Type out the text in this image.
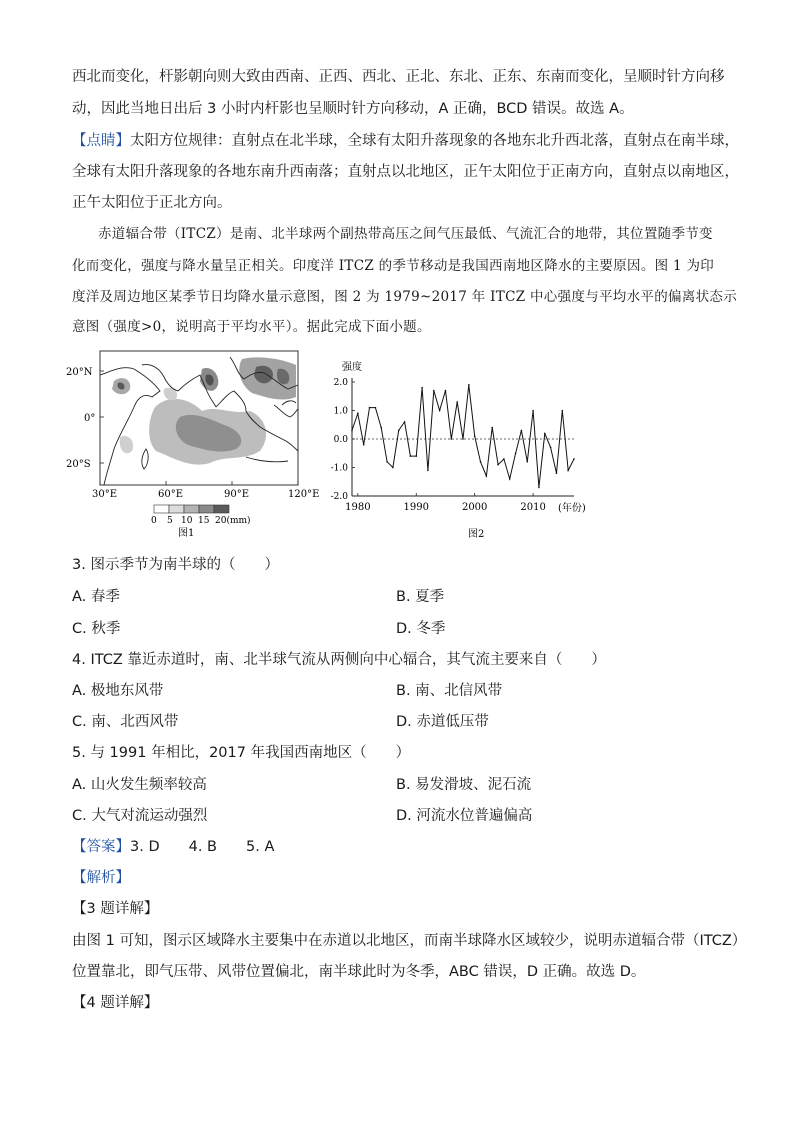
西北而变化，杆影朝向则大致由西南、正西、西北、正北、东北、正东、东南而变化，呈顺时针方向移
动，因此当地日出后 3 小时内杆影也呈顺时针方向移动，A 正确，BCD 错误。故选 A。
【点睛】太阳方位规律：直射点在北半球，全球有太阳升落现象的各地东北升西北落，直射点在南半球，
全球有太阳升落现象的各地东南升西南落；直射点以北地区，正午太阳位于正南方向，直射点以南地区，
正午太阳位于正北方向。
赤道辐合带（ITCZ）是南、北半球两个副热带高压之间气压最低、气流汇合的地带，其位置随季节变
化而变化，强度与降水量呈正相关。印度洋 ITCZ 的季节移动是我国西南地区降水的主要原因。图 1 为印
度洋及周边地区某季节日均降水量示意图，图 2 为 1979~2017 年 ITCZ 中心强度与平均水平的偏离状态示
意图（强度>0，说明高于平均水平）。据此完成下面小题。
20°N
0°
20°S
30°E	60°E	90°E	120°E
0 5 10 15 20(mm)
图1
强度
(年份)
图2
2.0
1.0
0.0
-1.0
-2.0
1980	1990	2000	2010
3. 图示季节为南半球的（　　）
A. 春季	B. 夏季
C. 秋季	D. 冬季
4. ITCZ 靠近赤道时，南、北半球气流从两侧向中心辐合，其气流主要来自（　　）
A. 极地东风带	B. 南、北信风带
C. 南、北西风带	D. 赤道低压带
5. 与 1991 年相比，2017 年我国西南地区（　　）
A. 山火发生频率较高	B. 易发滑坡、泥石流
C. 大气对流运动强烈	D. 河流水位普遍偏高
【答案】3. D　　4. B　　5. A
【解析】
【3 题详解】
由图 1 可知，图示区域降水主要集中在赤道以北地区，而南半球降水区域较少，说明赤道辐合带（ITCZ）
位置靠北，即气压带、风带位置偏北，南半球此时为冬季，ABC 错误，D 正确。故选 D。
【4 题详解】
